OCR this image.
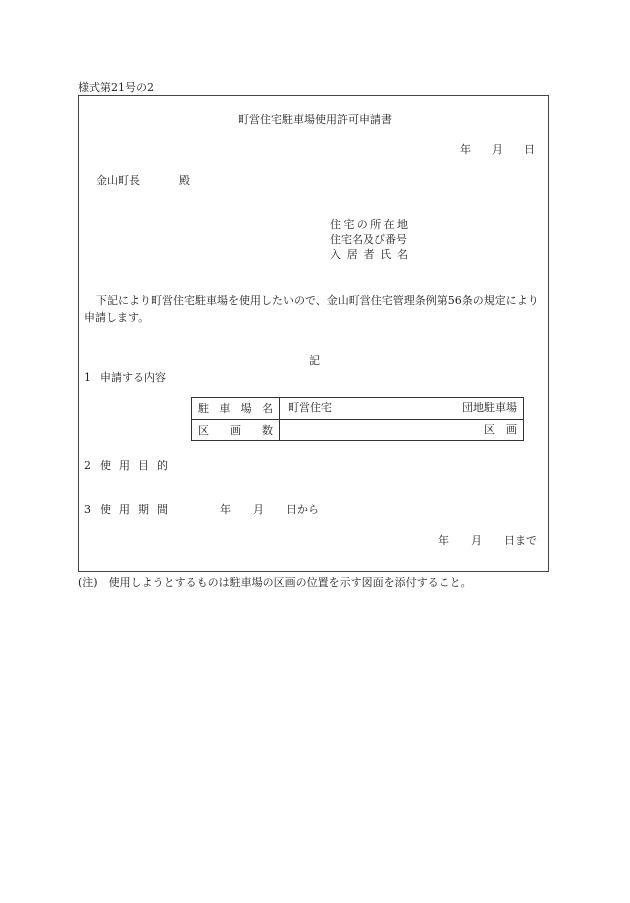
様式第21号の2
町営住宅駐車場使用許可申請書
年 月 日
金山町長	殿
住 宅 の 所 在 地
住宅名及び番号
入 居 者 氏 名
下記により町営住宅駐車場を使用したいので、金山町営住宅管理条例第56条の規定により申請します。
記
1 申請する内容
駐 車 場 名 町営住宅	団地駐車場
区 画 数	区　画
2 使 用 目 的
3 使 用 期 間	年 月 日から
年 月 日まで
(注)　使用しようとするものは駐車場の区画の位置を示す図面を添付すること。
